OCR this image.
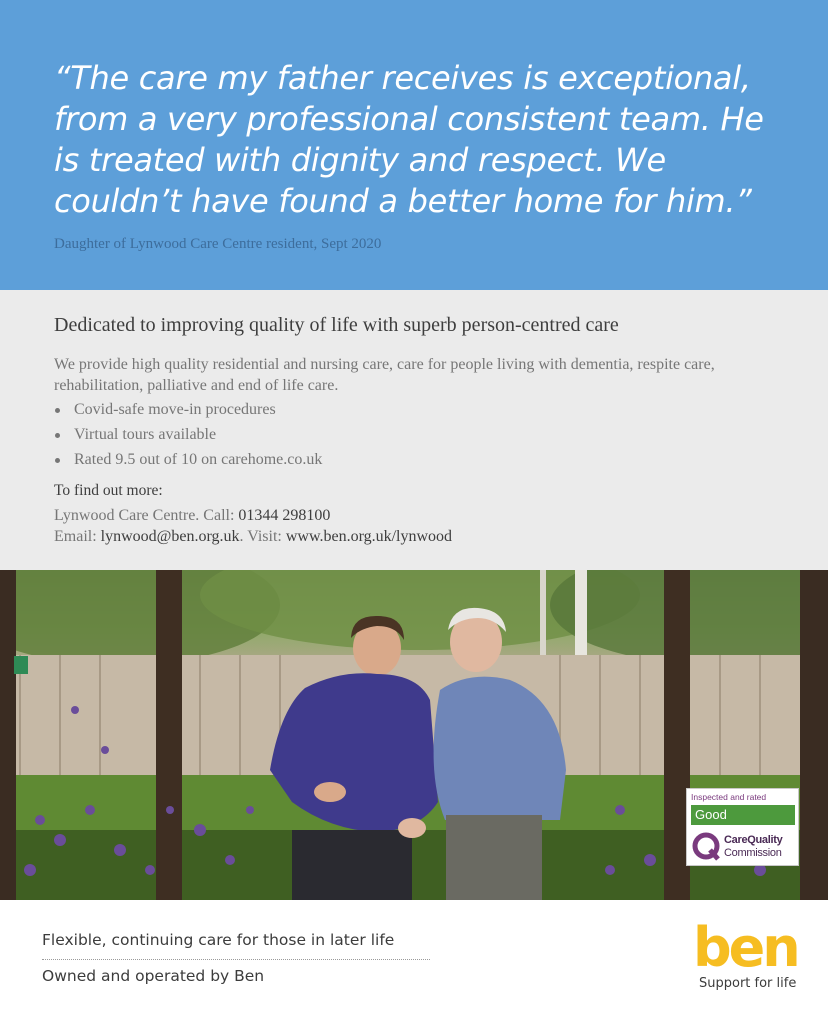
“The care my father receives is exceptional, from a very professional consistent team. He is treated with dignity and respect. We couldn’t have found a better home for him.”

Daughter of Lynwood Care Centre resident, Sept 2020

Dedicated to improving quality of life with superb person-centred care

We provide high quality residential and nursing care, care for people living with dementia, respite care, rehabilitation, palliative and end of life care.

Covid-safe move-in procedures
Virtual tours available
Rated 9.5 out of 10 on carehome.co.uk
To find out more:

Lynwood Care Centre. Call: 01344 298100

Email: lynwood@ben.org.uk. Visit: www.ben.org.uk/lynwood

Inspected and rated
Good
CareQuality
Commission

Flexible, continuing care for those in later life

Owned and operated by Ben	ben

Support for life
